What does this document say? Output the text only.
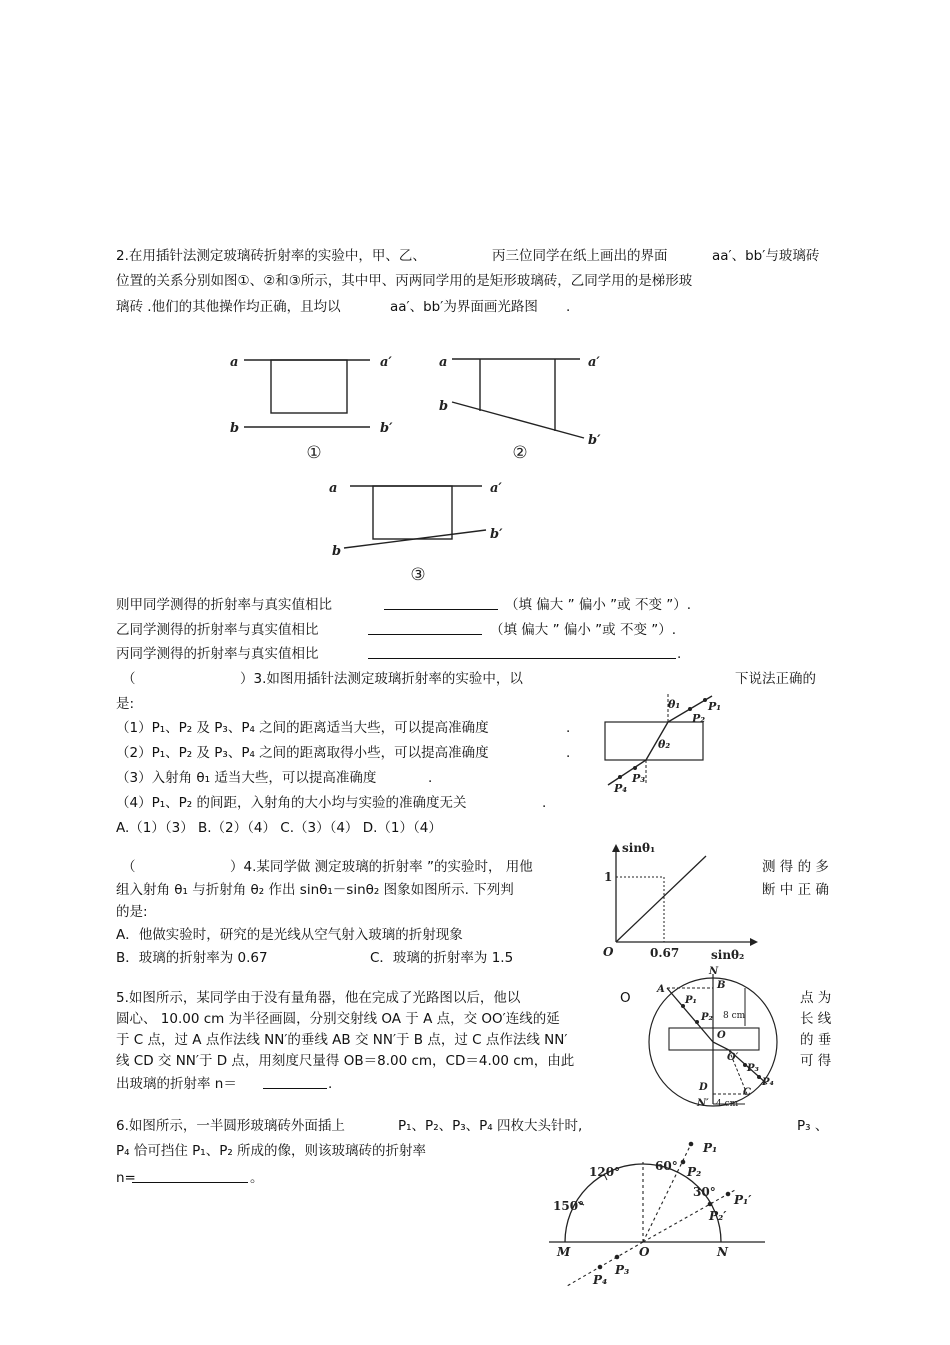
2.在用插针法测定玻璃砖折射率的实验中，甲、乙、	丙三位同学在纸上画出的界面	aa′、bb′与玻璃砖
位置的关系分别如图①、②和③所示，其中甲、丙两同学用的是矩形玻璃砖，乙同学用的是梯形玻
璃砖 .他们的其他操作均正确，且均以	aa′、bb′为界面画光路图 .
a	a′
b	b′
a	a′
b
b′
a	a′
b
b′
①	②
③
则甲同学测得的折射率与真实值相比	（填 偏大 ” 偏小 ”或 不变 ”）.
乙同学测得的折射率与真实值相比	（填 偏大 ” 偏小 ”或 不变 ”）.
丙同学测得的折射率与真实值相比	.
（	）3.如图用插针法测定玻璃折射率的实验中，以	下说法正确的
是:
（1）P₁、P₂ 及 P₃、P₄ 之间的距离适当大些，可以提高准确度	.
（2）P₁、P₂ 及 P₃、P₄ 之间的距离取得小些，可以提高准确度	.
（3）入射角 θ₁ 适当大些，可以提高准确度	.
（4）P₁、P₂ 的间距，入射角的大小均与实验的准确度无关	.
A.（1）（3） B.（2）（4） C.（3）（4） D.（1）（4）
θ₁
θ₂
P₁
P₂
P₃
P₄
（	）4.某同学做 测定玻璃的折射率 ”的实验时， 用他	测 得 的 多
组入射角 θ₁ 与折射角 θ₂ 作出 sinθ₁－sinθ₂ 图象如图所示. 下列判	断 中 正 确
的是:
A．他做实验时，研究的是光线从空气射入玻璃的折射现象
B．玻璃的折射率为 0.67	C．玻璃的折射率为 1.5
sinθ₁
sinθ₂
O
1
0.67
5.如图所示，某同学由于没有量角器，他在完成了光路图以后，他以	O	点 为
圆心、 10.00 cm 为半径画圆，分别交射线 OA 于 A 点，交 OO′连线的延	长 线
于 C 点，过 A 点作法线 NN′的垂线 AB 交 NN′于 B 点，过 C 点作法线 NN′	的 垂
线 CD 交 NN′于 D 点，用刻度尺量得 OB＝8.00 cm，CD＝4.00 cm，由此	可 得
出玻璃的折射率 n＝	.
N
A	B
P₁
P₂
O
O′
P₃
P₄
C
D
N′
8 cm
4 cm
6.如图所示，一半圆形玻璃砖外面插上	P₁、P₂、P₃、P₄ 四枚大头针时,	P₃ 、
P₄ 恰可挡住 P₁、P₂ 所成的像，则该玻璃砖的折射率
n=	。	120°
150°
60°
30°
P₁
P₂
P₁′
P₂′
P₃
P₄
M	O	N
